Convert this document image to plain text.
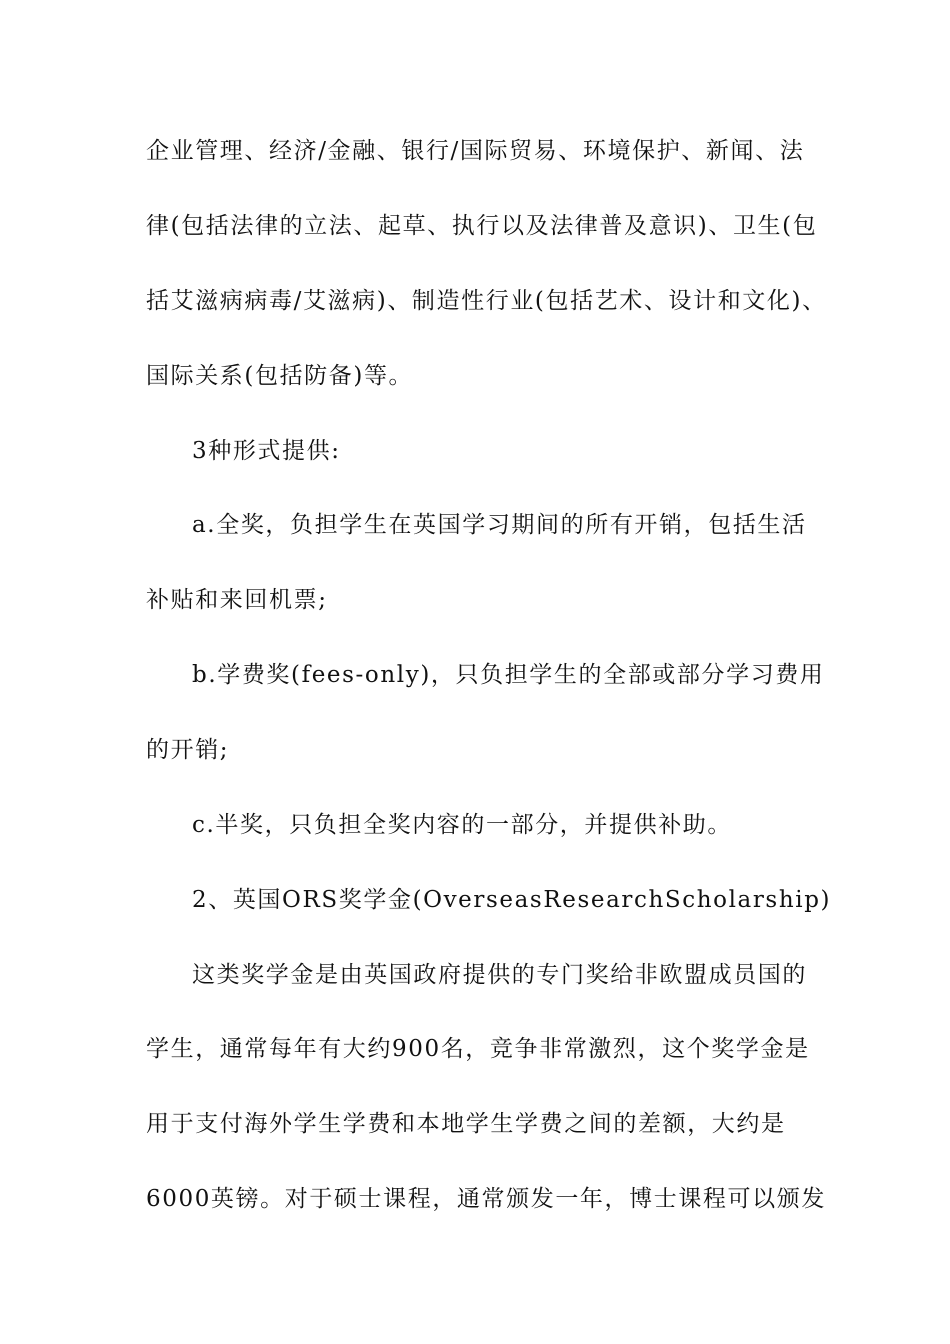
企业管理、经济/金融、银行/国际贸易、环境保护、新闻、法
律(包括法律的立法、起草、执行以及法律普及意识)、卫生(包
括艾滋病病毒/艾滋病)、制造性行业(包括艺术、设计和文化)、
国际关系(包括防备)等。
3种形式提供:
a.全奖，负担学生在英国学习期间的所有开销，包括生活
补贴和来回机票;
b.学费奖(fees-only)，只负担学生的全部或部分学习费用
的开销;
c.半奖，只负担全奖内容的一部分，并提供补助。
2、英国ORS奖学金(OverseasResearchScholarship)
这类奖学金是由英国政府提供的专门奖给非欧盟成员国的
学生，通常每年有大约900名，竞争非常激烈，这个奖学金是
用于支付海外学生学费和本地学生学费之间的差额，大约是
6000英镑。对于硕士课程，通常颁发一年，博士课程可以颁发
